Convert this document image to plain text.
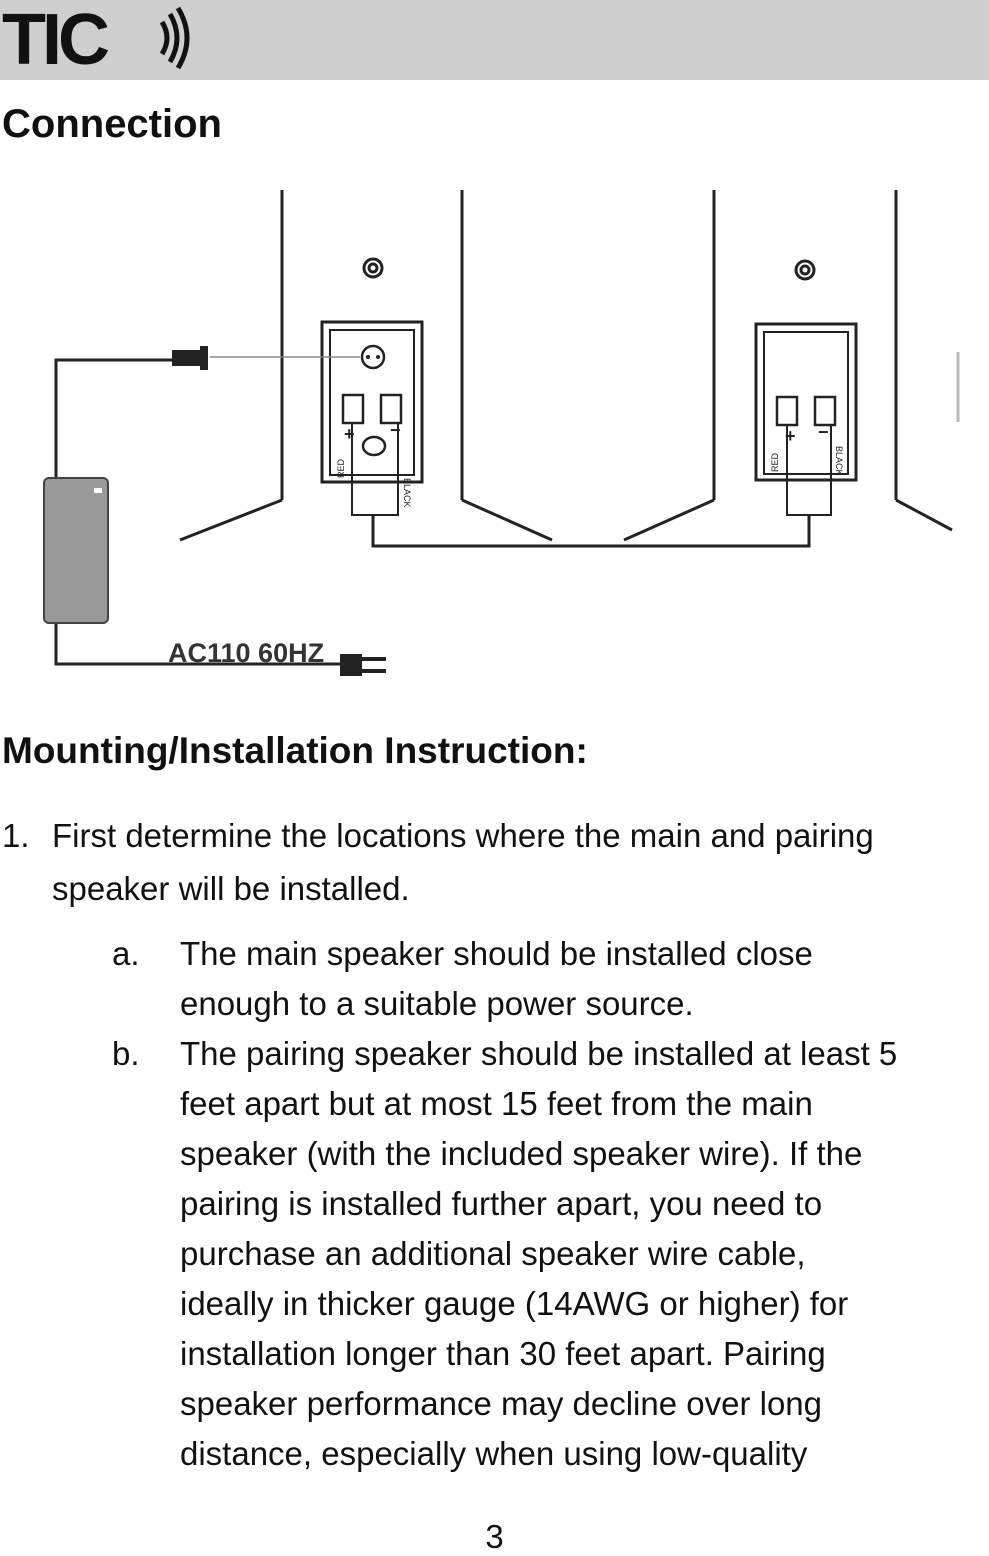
TIC
Connection
RED
BLACK
RED	BLACK
+ −	+ −
AC110 60HZ
Mounting/Installation Instruction:
1. First determine the locations where the main and pairing
speaker will be installed.
a. The main speaker should be installed close
enough to a suitable power source.
b. The pairing speaker should be installed at least 5
feet apart but at most 15 feet from the main
speaker (with the included speaker wire). If the
pairing is installed further apart, you need to
purchase an additional speaker wire cable,
ideally in thicker gauge (14AWG or higher) for
installation longer than 30 feet apart. Pairing
speaker performance may decline over long
distance, especially when using low-quality
3
